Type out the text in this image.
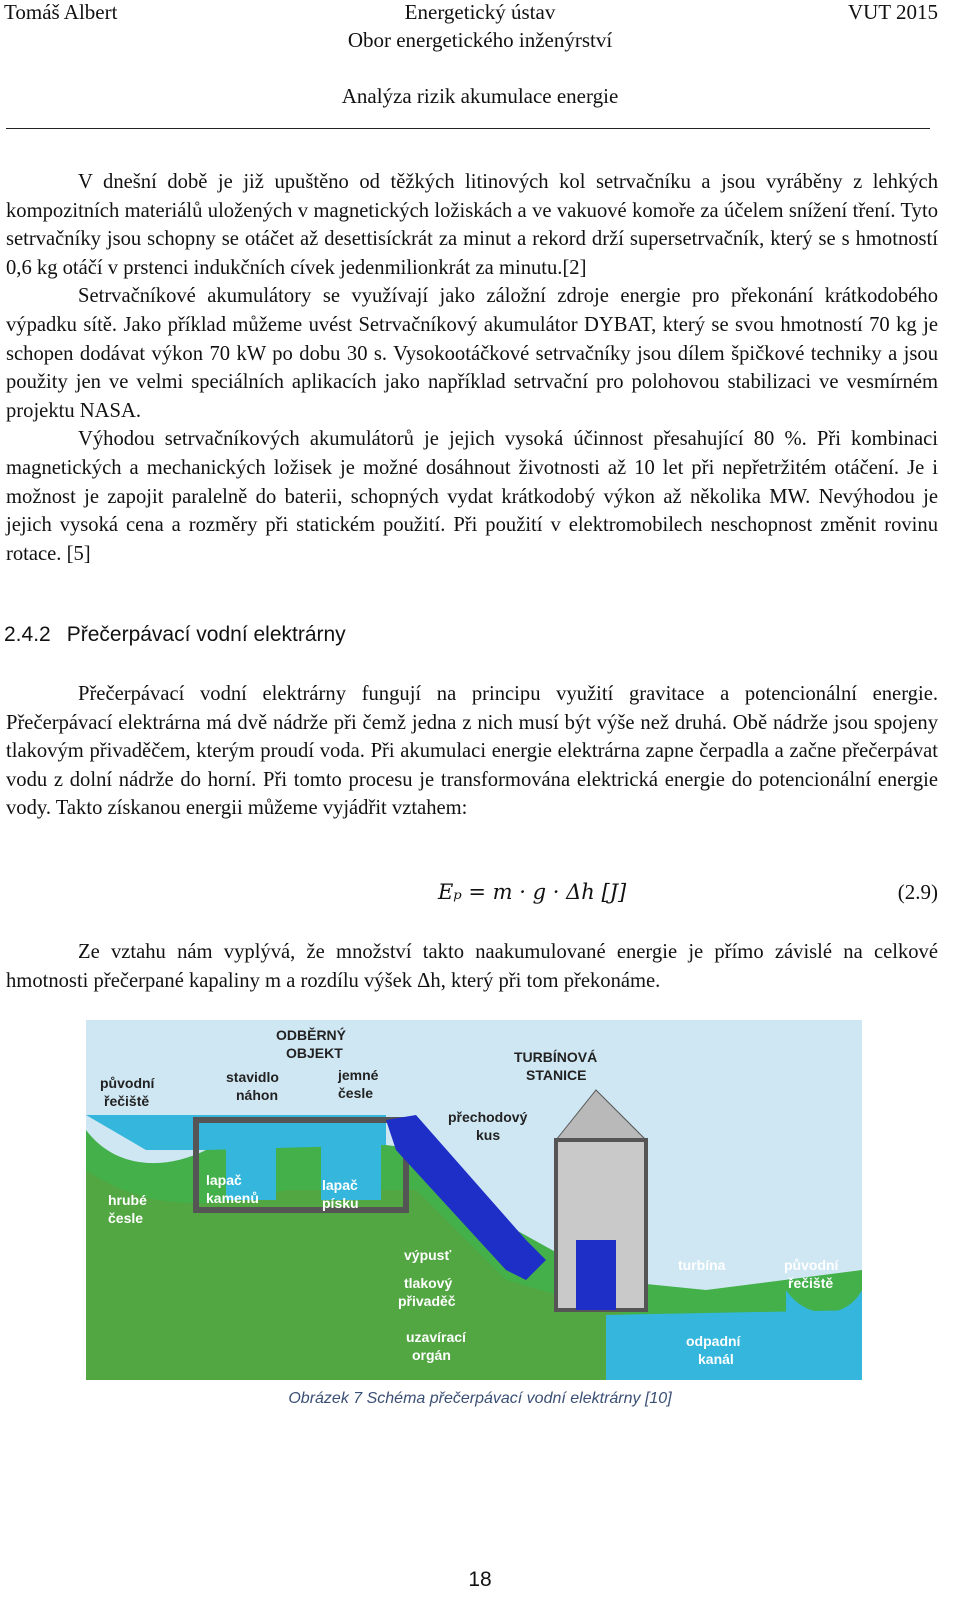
Tomáš Albert	Energetický ústav	VUT 2015
Obor energetického inženýrství
Analýza rizik akumulace energie

V dnešní době je již upuštěno od těžkých litinových kol setrvačníku a jsou vyráběny z lehkých kompozitních materiálů uložených v magnetických ložiskách a ve vakuové komoře za účelem snížení tření. Tyto setrvačníky jsou schopny se otáčet až desettisíckrát za minut a rekord drží supersetrvačník, který se s hmotností 0,6 kg otáčí v prstenci indukčních cívek jedenmilionkrát za minutu.[2]

Setrvačníkové akumulátory se využívají jako záložní zdroje energie pro překonání krátkodobého výpadku sítě. Jako příklad můžeme uvést Setrvačníkový akumulátor DYBAT, který se svou hmotností 70 kg je schopen dodávat výkon 70 kW po dobu 30 s. Vysokootáčkové setrvačníky jsou dílem špičkové techniky a jsou použity jen ve velmi speciálních aplikacích jako například setrvační pro polohovou stabilizaci ve vesmírném projektu NASA.

Výhodou setrvačníkových akumulátorů je jejich vysoká účinnost přesahující 80 %. Při kombinaci magnetických a mechanických ložisek je možné dosáhnout životnosti až 10 let při nepřetržitém otáčení. Je i možnost je zapojit paralelně do baterii, schopných vydat krátkodobý výkon až několika MW. Nevýhodou je jejich vysoká cena a rozměry při statickém použití. Při použití v elektromobilech neschopnost změnit rovinu rotace. [5]

2.4.2 Přečerpávací vodní elektrárny

Přečerpávací vodní elektrárny fungují na principu využití gravitace a potencionální energie. Přečerpávací elektrárna má dvě nádrže při čemž jedna z nich musí být výše než druhá. Obě nádrže jsou spojeny tlakovým přivaděčem, kterým proudí voda. Při akumulaci energie elektrárna zapne čerpadla a začne přečerpávat vodu z dolní nádrže do horní. Při tomto procesu je transformována elektrická energie do potencionální energie vody. Takto získanou energii můžeme vyjádřit vztahem:

Eₚ = m · g · Δh [J]	(2.9)

Ze vztahu nám vyplývá, že množství takto naakumulované energie je přímo závislé na celkové hmotnosti přečerpané kapaliny m a rozdílu výšek Δh, který při tom překonáme.

ODBĚRNÝ
OBJEKT
původní
řečiště
stavidlo
náhon
jemné
česle
TURBÍNOVÁ
STANICE
přechodový
kus
lapač
kamenů
lapač
písku
hrubé
česle
výpusť
tlakový
přivaděč
uzavírací
orgán
turbína	původní
řečiště
odpadní
kanál
Obrázek 7 Schéma přečerpávací vodní elektrárny [10]
18
